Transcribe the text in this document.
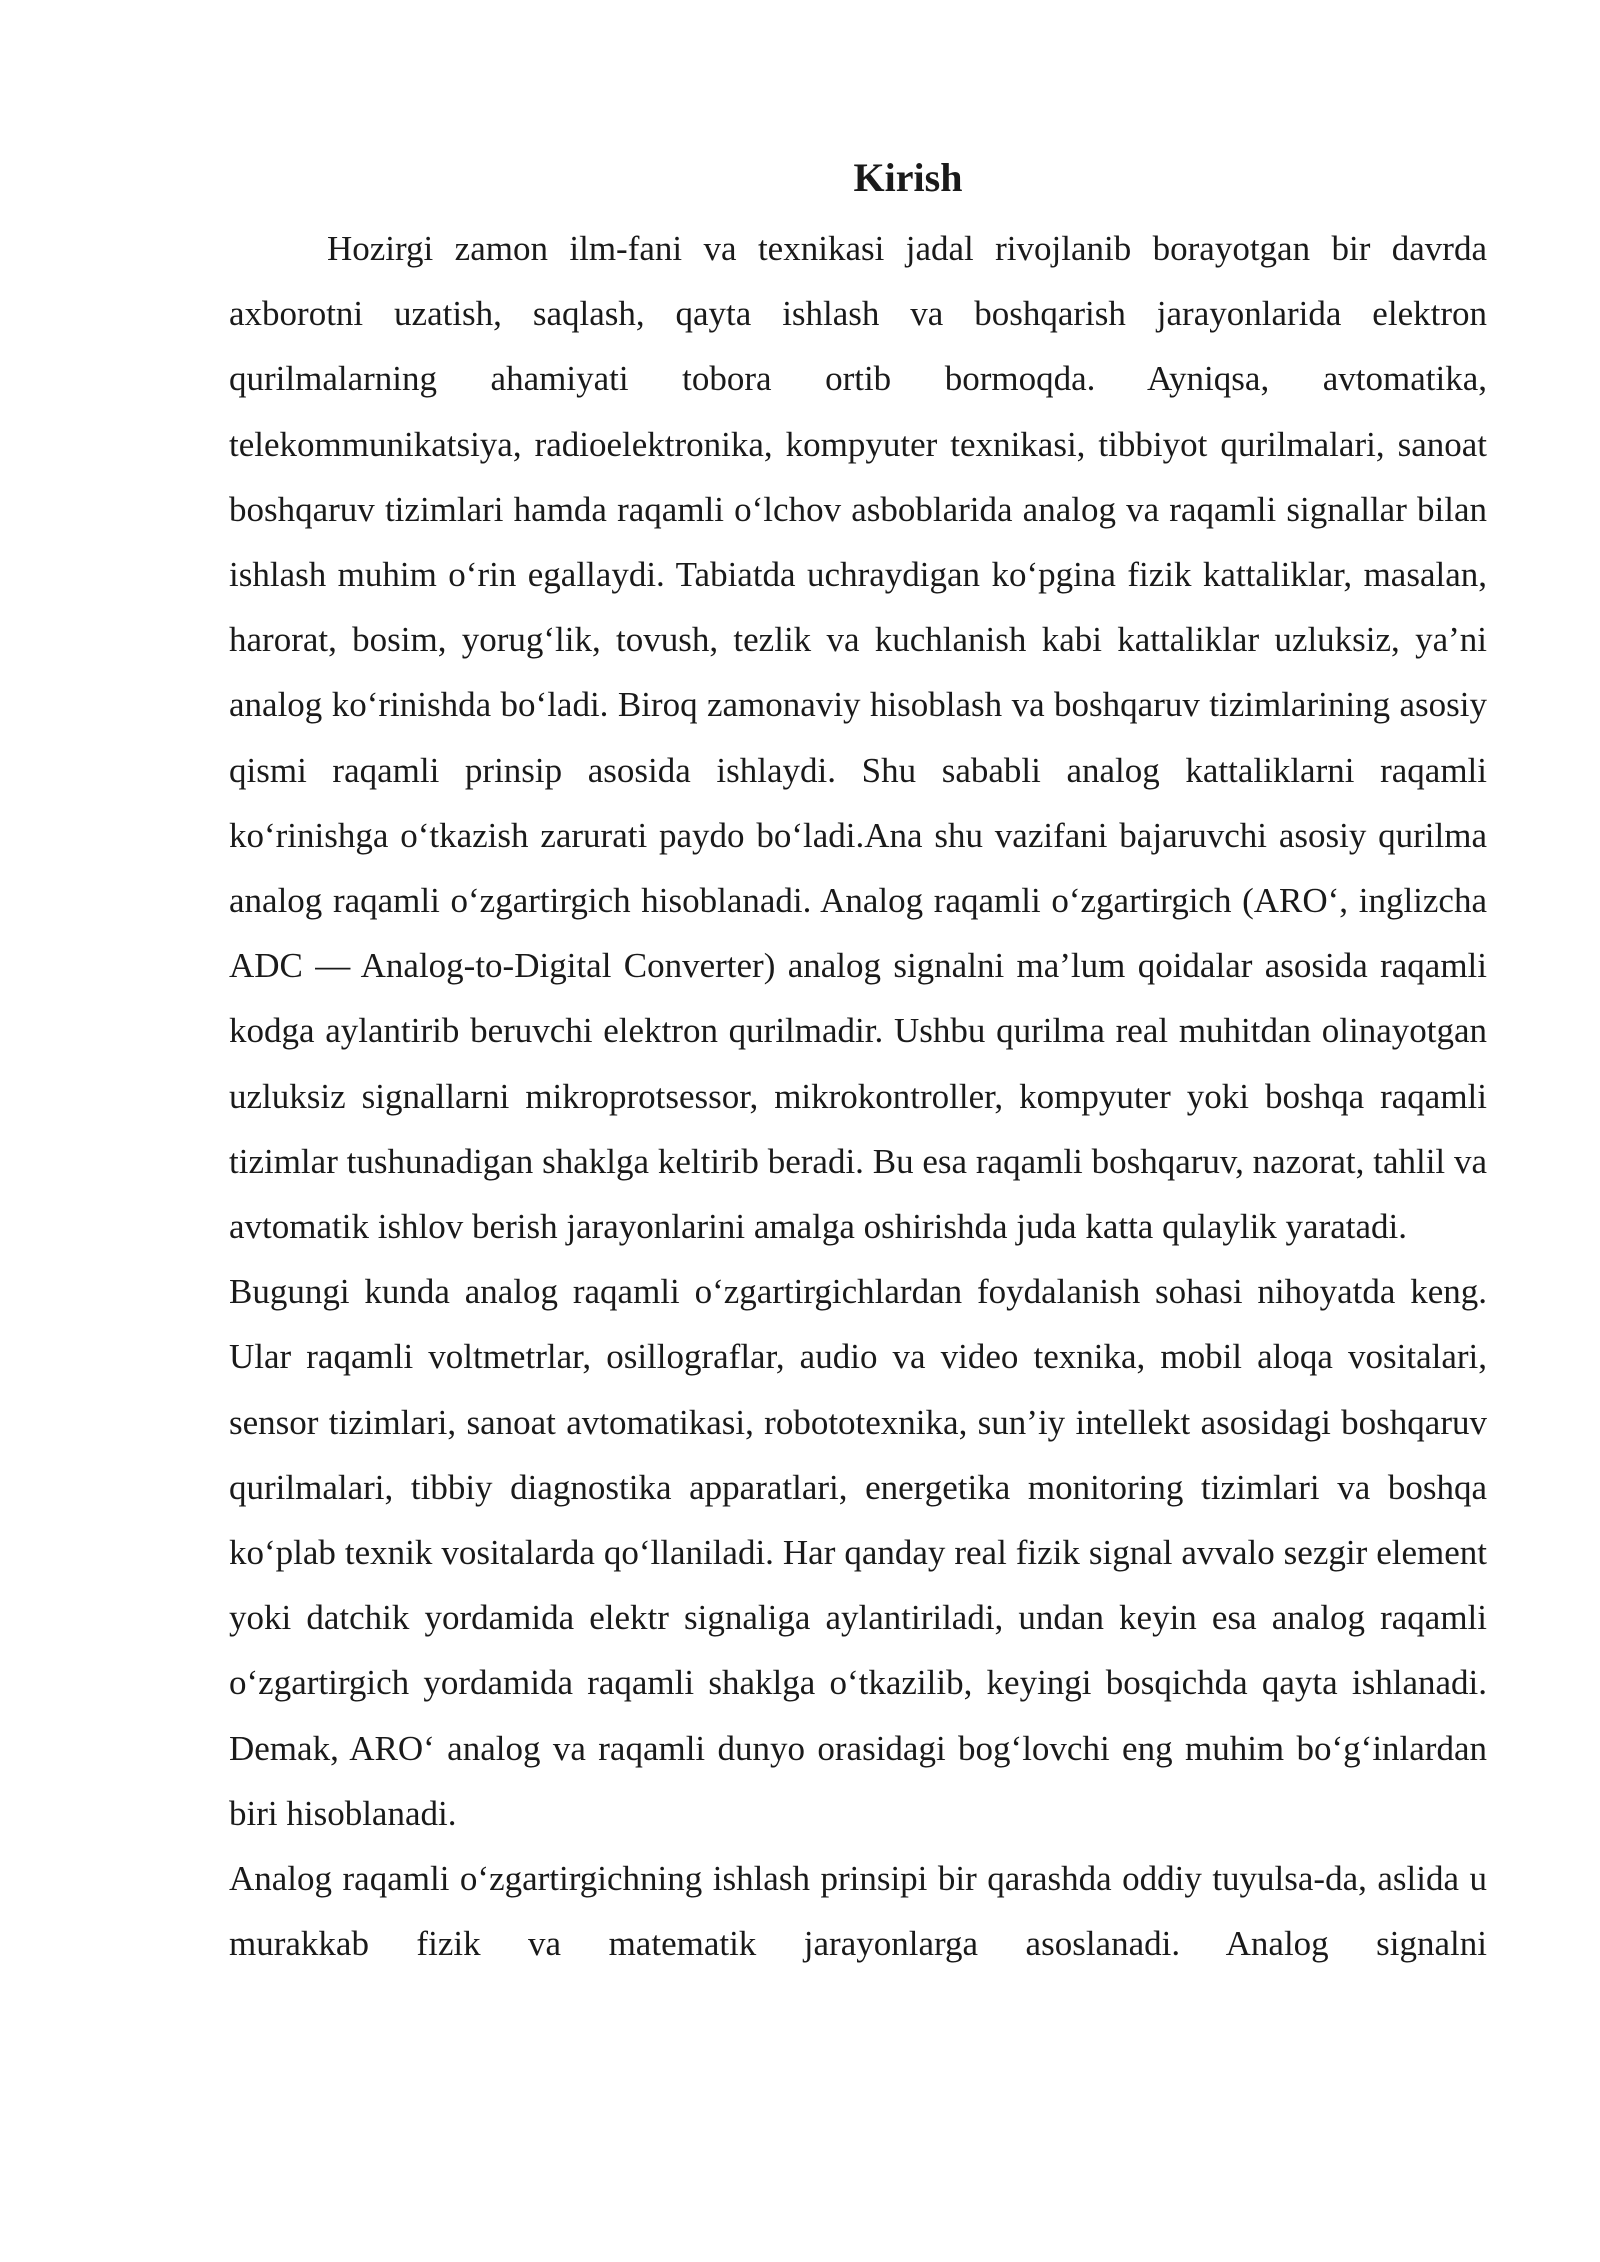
Kirish

Hozirgi zamon ilm-fani va texnikasi jadal rivojlanib borayotgan bir davrda axborotni uzatish, saqlash, qayta ishlash va boshqarish jarayonlarida elektron qurilmalarning ahamiyati tobora ortib bormoqda. Ayniqsa, avtomatika, telekommunikatsiya, radioelektronika, kompyuter texnikasi, tibbiyot qurilmalari, sanoat boshqaruv tizimlari hamda raqamli o‘lchov asboblarida analog va raqamli signallar bilan ishlash muhim o‘rin egallaydi. Tabiatda uchraydigan ko‘pgina fizik kattaliklar, masalan, harorat, bosim, yorug‘lik, tovush, tezlik va kuchlanish kabi kattaliklar uzluksiz, ya’ni analog ko‘rinishda bo‘ladi. Biroq zamonaviy hisoblash va boshqaruv tizimlarining asosiy qismi raqamli prinsip asosida ishlaydi. Shu sababli analog kattaliklarni raqamli ko‘rinishga o‘tkazish zarurati paydo bo‘ladi.Ana shu vazifani bajaruvchi asosiy qurilma analog raqamli o‘zgartirgich hisoblanadi. Analog raqamli o‘zgartirgich (ARO‘, inglizcha ADC — Analog-to-Digital Converter) analog signalni ma’lum qoidalar asosida raqamli kodga aylantirib beruvchi elektron qurilmadir. Ushbu qurilma real muhitdan olinayotgan uzluksiz signallarni mikroprotsessor, mikrokontroller, kompyuter yoki boshqa raqamli tizimlar tushunadigan shaklga keltirib beradi. Bu esa raqamli boshqaruv, nazorat, tahlil va avtomatik ishlov berish jarayonlarini amalga oshirishda juda katta qulaylik yaratadi.

Bugungi kunda analog raqamli o‘zgartirgichlardan foydalanish sohasi nihoyatda keng. Ular raqamli voltmetrlar, osillograflar, audio va video texnika, mobil aloqa vositalari, sensor tizimlari, sanoat avtomatikasi, robototexnika, sun’iy intellekt asosidagi boshqaruv qurilmalari, tibbiy diagnostika apparatlari, energetika monitoring tizimlari va boshqa ko‘plab texnik vositalarda qo‘llaniladi. Har qanday real fizik signal avvalo sezgir element yoki datchik yordamida elektr signaliga aylantiriladi, undan keyin esa analog raqamli o‘zgartirgich yordamida raqamli shaklga o‘tkazilib, keyingi bosqichda qayta ishlanadi. Demak, ARO‘ analog va raqamli dunyo orasidagi bog‘lovchi eng muhim bo‘g‘inlardan biri hisoblanadi.

Analog raqamli o‘zgartirgichning ishlash prinsipi bir qarashda oddiy tuyulsa-da, aslida u murakkab fizik va matematik jarayonlarga asoslanadi. Analog signalni
